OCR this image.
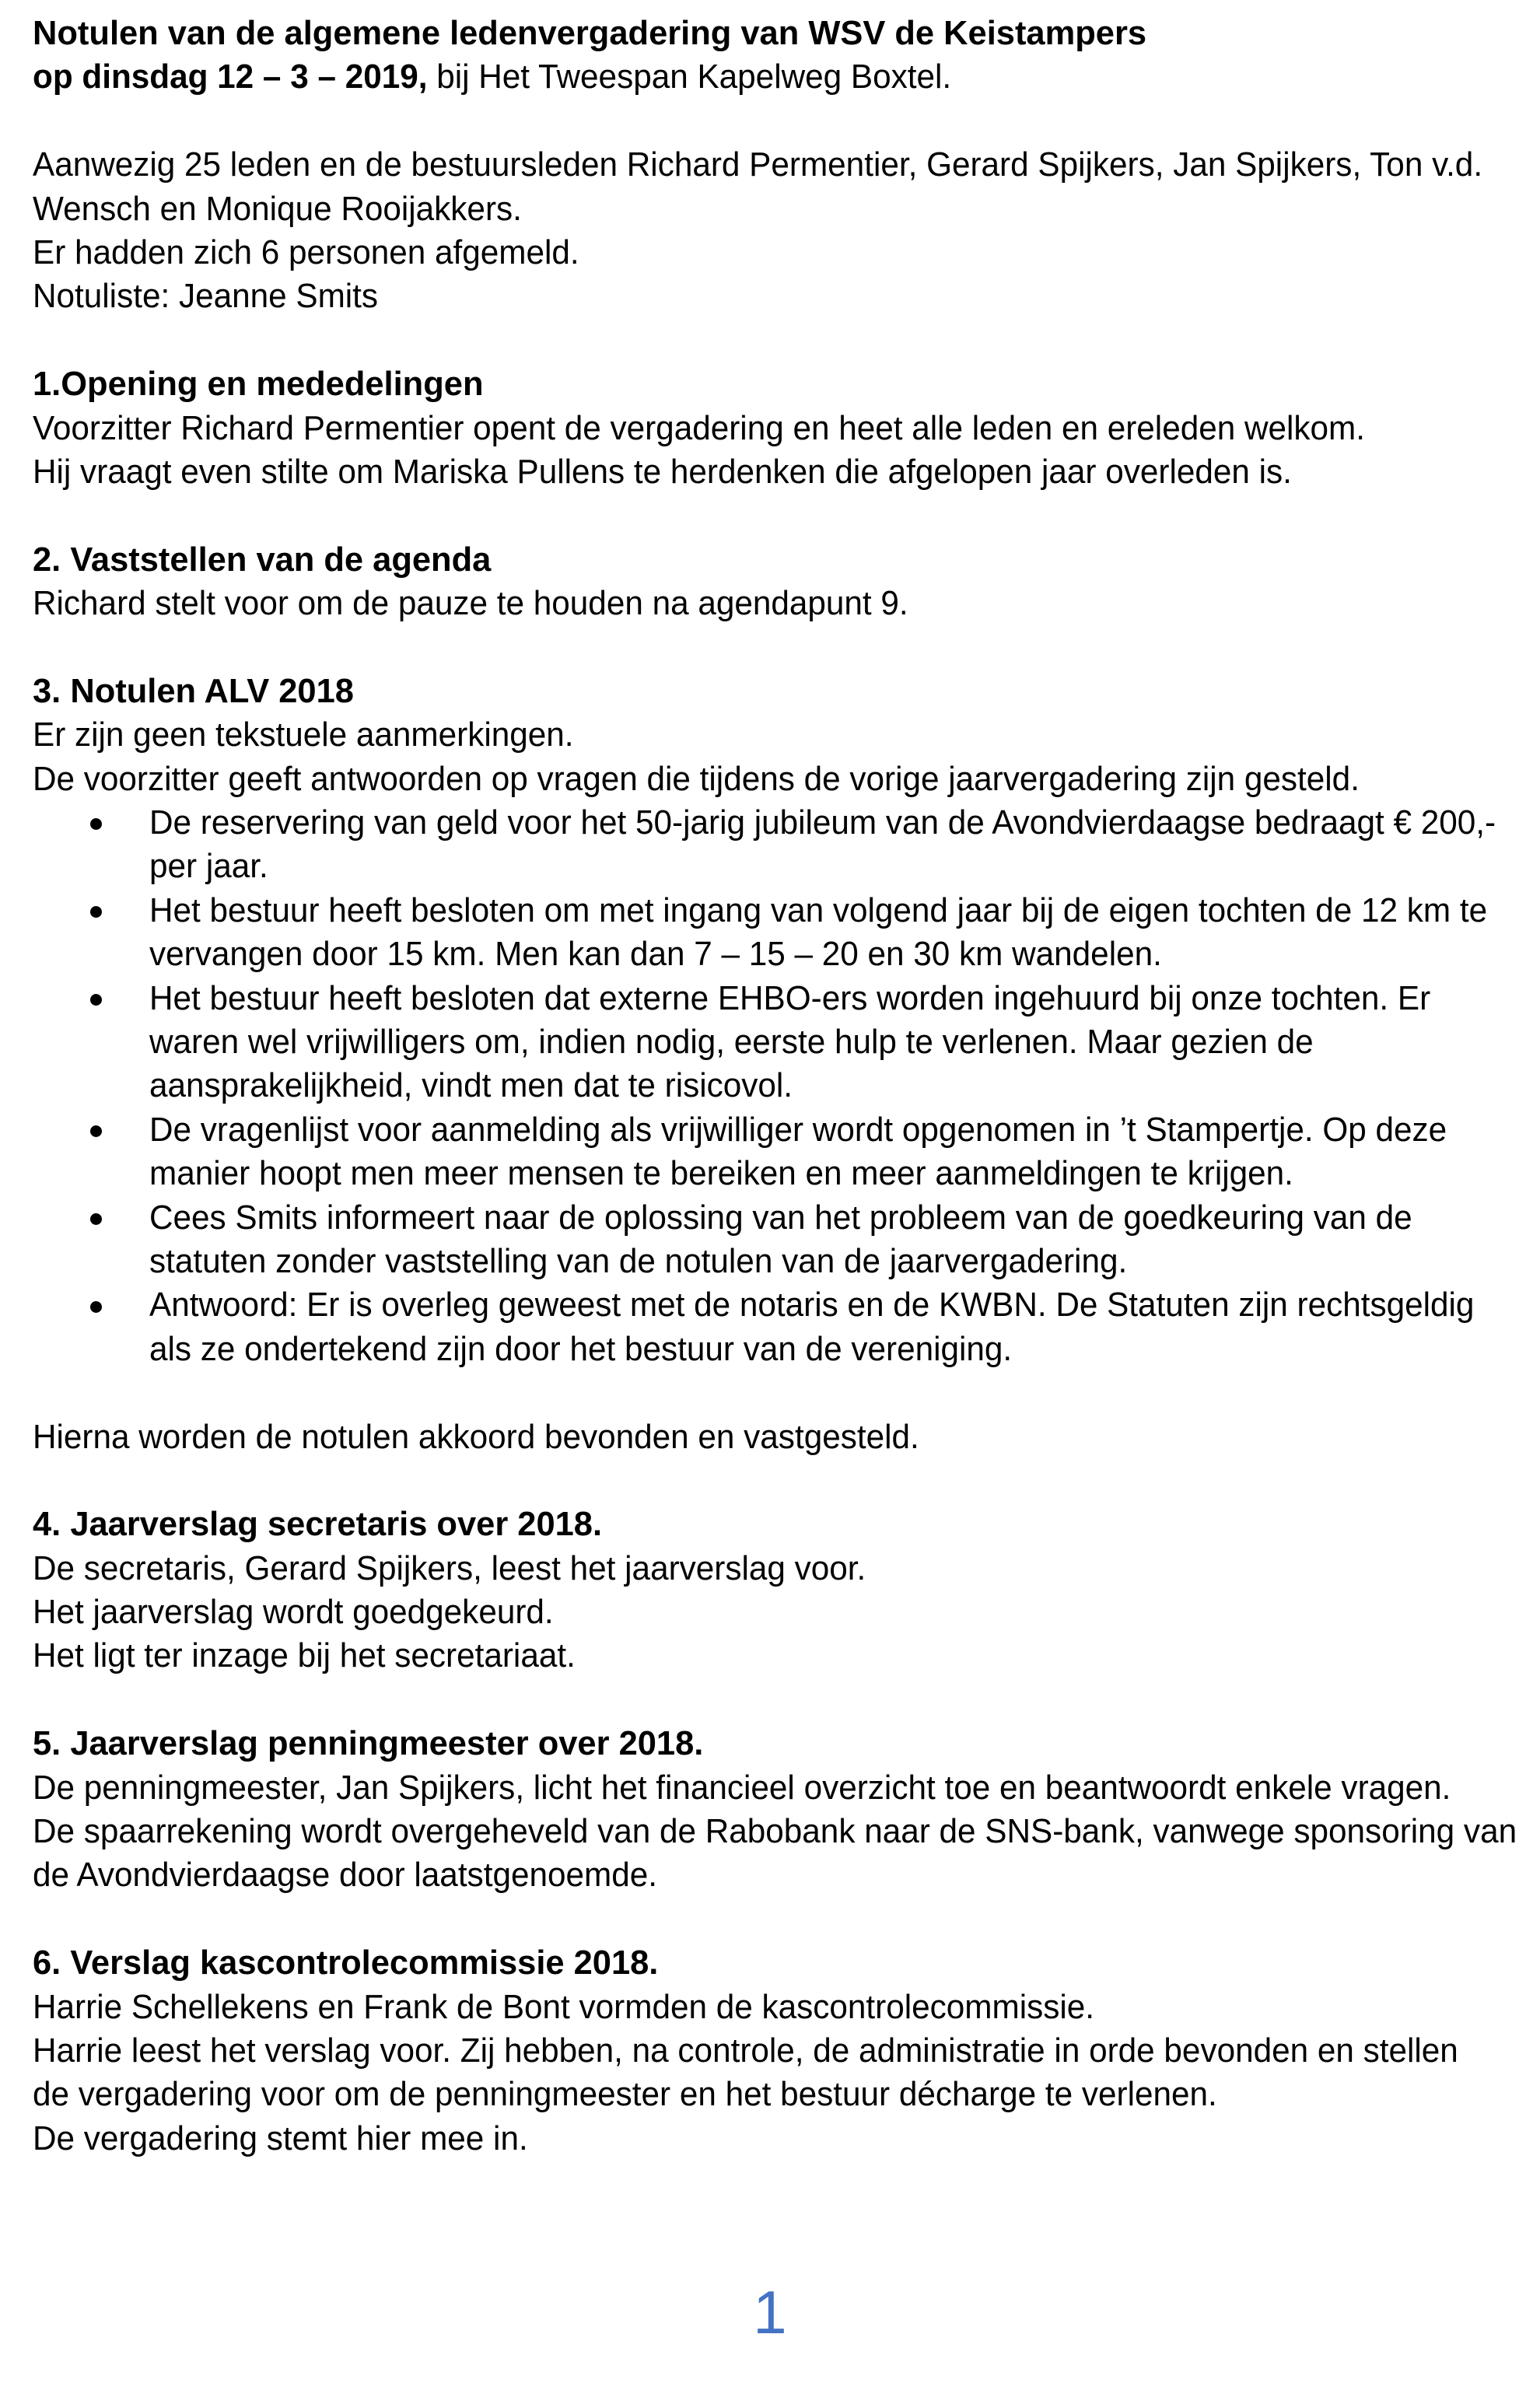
Notulen van de algemene ledenvergadering van WSV de Keistampers
op dinsdag 12 – 3 – 2019, bij Het Tweespan Kapelweg Boxtel.
Aanwezig 25 leden en de bestuursleden Richard Permentier, Gerard Spijkers, Jan Spijkers, Ton v.d.
Wensch en Monique Rooijakkers.
Er hadden zich 6 personen afgemeld.
Notuliste: Jeanne Smits
1.Opening en mededelingen
Voorzitter Richard Permentier opent de vergadering en heet alle leden en ereleden welkom.
Hij vraagt even stilte om Mariska Pullens te herdenken die afgelopen jaar overleden is.
2. Vaststellen van de agenda
Richard stelt voor om de pauze te houden na agendapunt 9.
3. Notulen ALV 2018
Er zijn geen tekstuele aanmerkingen.
De voorzitter geeft antwoorden op vragen die tijdens de vorige jaarvergadering zijn gesteld.
De reservering van geld voor het 50-jarig jubileum van de Avondvierdaagse bedraagt € 200,-
per jaar.
Het bestuur heeft besloten om met ingang van volgend jaar bij de eigen tochten de 12 km te
vervangen door 15 km. Men kan dan 7 – 15 – 20 en 30 km wandelen.
Het bestuur heeft besloten dat externe EHBO-ers worden ingehuurd bij onze tochten. Er
waren wel vrijwilligers om, indien nodig, eerste hulp te verlenen. Maar gezien de
aansprakelijkheid, vindt men dat te risicovol.
De vragenlijst voor aanmelding als vrijwilliger wordt opgenomen in ’t Stampertje. Op deze
manier hoopt men meer mensen te bereiken en meer aanmeldingen te krijgen.
Cees Smits informeert naar de oplossing van het probleem van de goedkeuring van de
statuten zonder vaststelling van de notulen van de jaarvergadering.
Antwoord: Er is overleg geweest met de notaris en de KWBN. De Statuten zijn rechtsgeldig
als ze ondertekend zijn door het bestuur van de vereniging.
Hierna worden de notulen akkoord bevonden en vastgesteld.
4. Jaarverslag secretaris over 2018.
De secretaris, Gerard Spijkers, leest het jaarverslag voor.
Het jaarverslag wordt goedgekeurd.
Het ligt ter inzage bij het secretariaat.
5. Jaarverslag penningmeester over 2018.
De penningmeester, Jan Spijkers, licht het financieel overzicht toe en beantwoordt enkele vragen.
De spaarrekening wordt overgeheveld van de Rabobank naar de SNS-bank, vanwege sponsoring van
de Avondvierdaagse door laatstgenoemde.
6. Verslag kascontrolecommissie 2018.
Harrie Schellekens en Frank de Bont vormden de kascontrolecommissie.
Harrie leest het verslag voor. Zij hebben, na controle, de administratie in orde bevonden en stellen
de vergadering voor om de penningmeester en het bestuur décharge te verlenen.
De vergadering stemt hier mee in.
1
